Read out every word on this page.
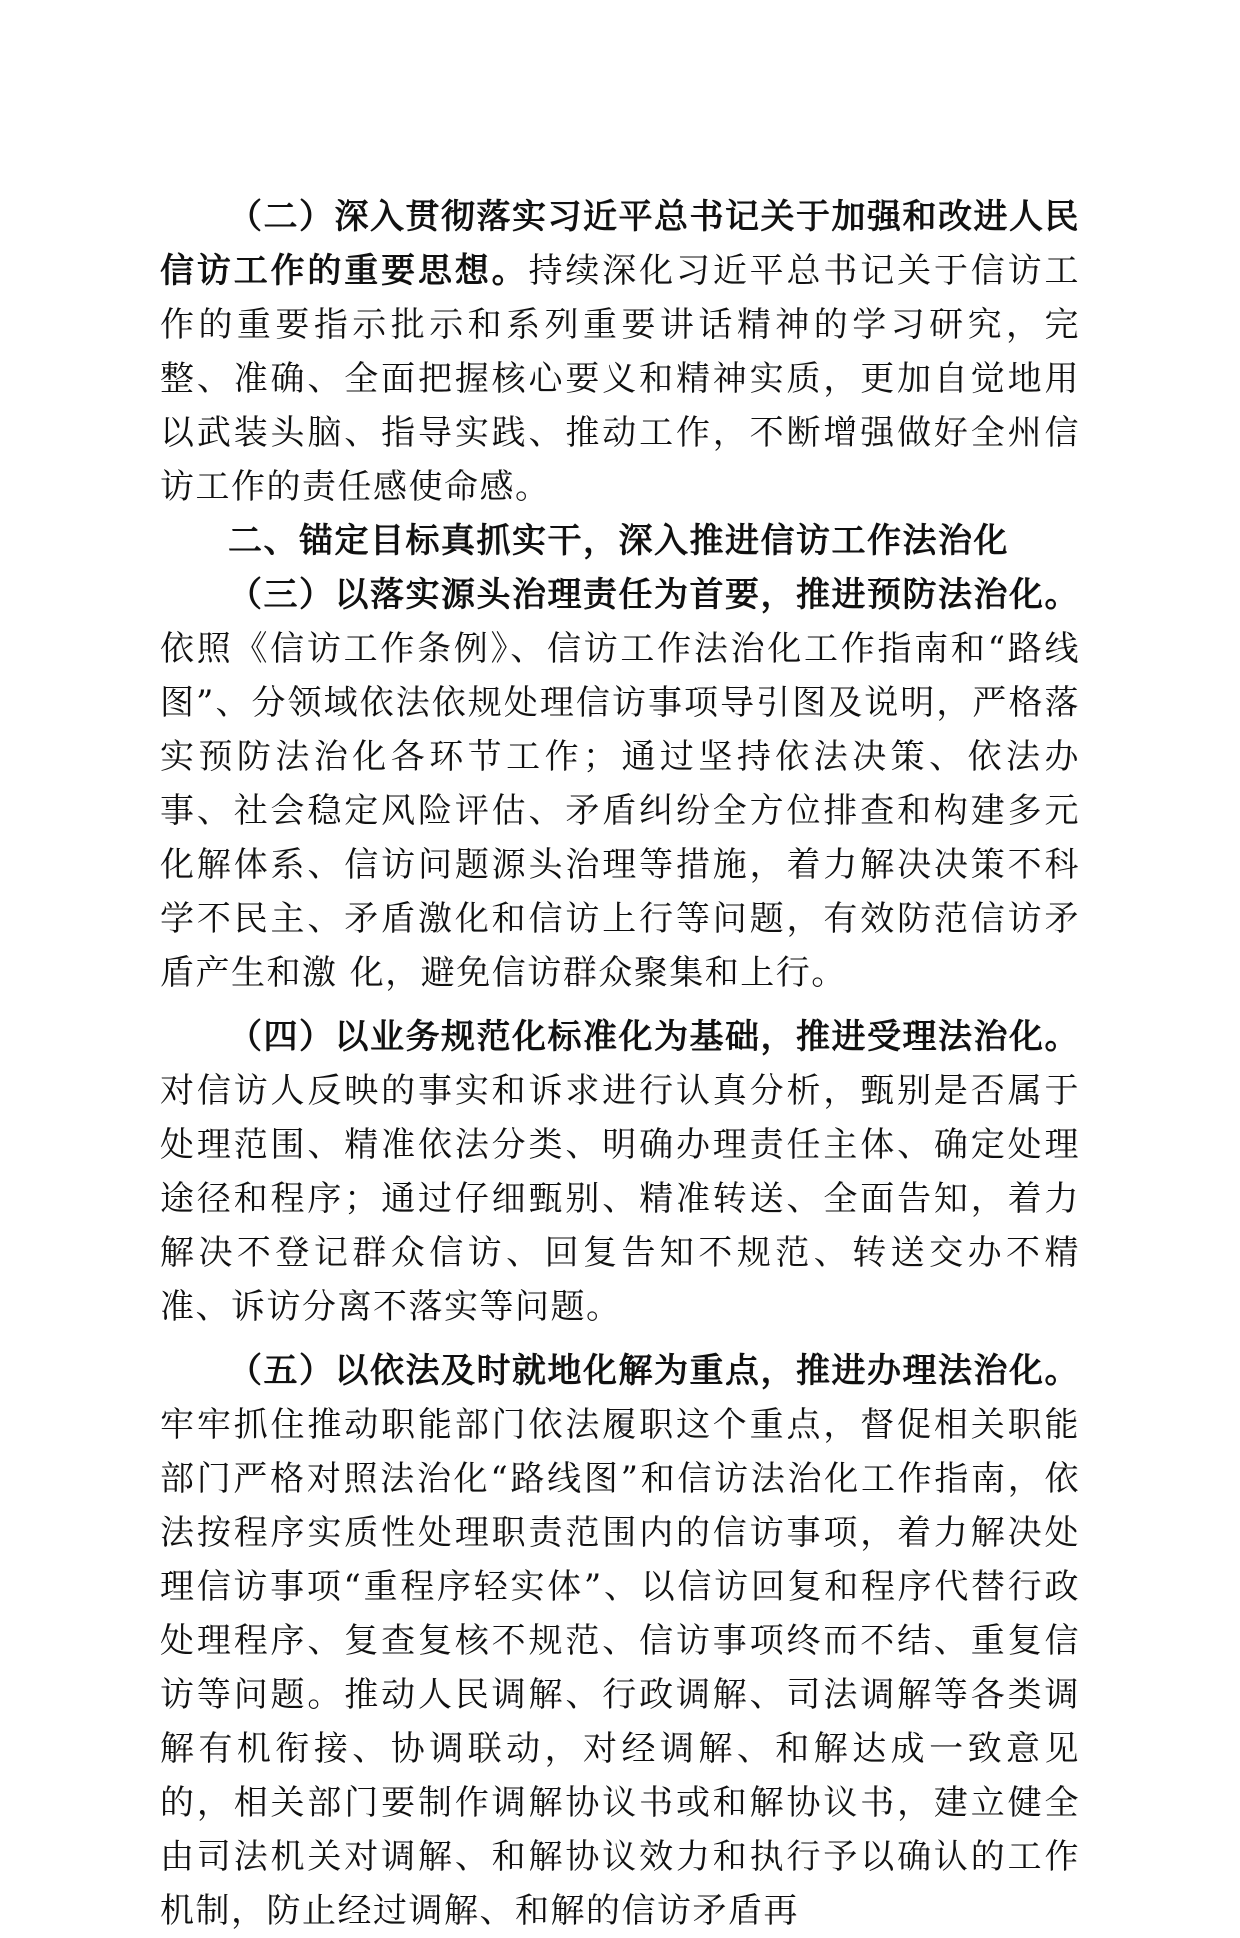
（二）深入贯彻落实习近平总书记关于加强和改进人民信访工作的重要思想。持续深化习近平总书记关于信访工作的重要指示批示和系列重要讲话精神的学习研究，完整、准确、全面把握核心要义和精神实质，更加自觉地用以武装头脑、指导实践、推动工作，不断增强做好全州信访工作的责任感使命感。

二、锚定目标真抓实干，深入推进信访工作法治化

（三）以落实源头治理责任为首要，推进预防法治化。依照《信访工作条例》、信访工作法治化工作指南和“路线图”、分领域依法依规处理信访事项导引图及说明，严格落实预防法治化各环节工作；通过坚持依法决策、依法办事、社会稳定风险评估、矛盾纠纷全方位排查和构建多元化解体系、信访问题源头治理等措施，着力解决决策不科学不民主、矛盾激化和信访上行等问题，有效防范信访矛盾产生和激 化，避免信访群众聚集和上行。

（四）以业务规范化标准化为基础，推进受理法治化。对信访人反映的事实和诉求进行认真分析，甄别是否属于处理范围、精准依法分类、明确办理责任主体、确定处理途径和程序；通过仔细甄别、精准转送、全面告知，着力解决不登记群众信访、回复告知不规范、转送交办不精准、诉访分离不落实等问题。

（五）以依法及时就地化解为重点，推进办理法治化。牢牢抓住推动职能部门依法履职这个重点，督促相关职能部门严格对照法治化“路线图”和信访法治化工作指南，依法按程序实质性处理职责范围内的信访事项，着力解决处理信访事项“重程序轻实体”、以信访回复和程序代替行政处理程序、复查复核不规范、信访事项终而不结、重复信访等问题。推动人民调解、行政调解、司法调解等各类调解有机衔接、协调联动，对经调解、和解达成一致意见的，相关部门要制作调解协议书或和解协议书，建立健全由司法机关对调解、和解协议效力和执行予以确认的工作机制，防止经过调解、和解的信访矛盾再
